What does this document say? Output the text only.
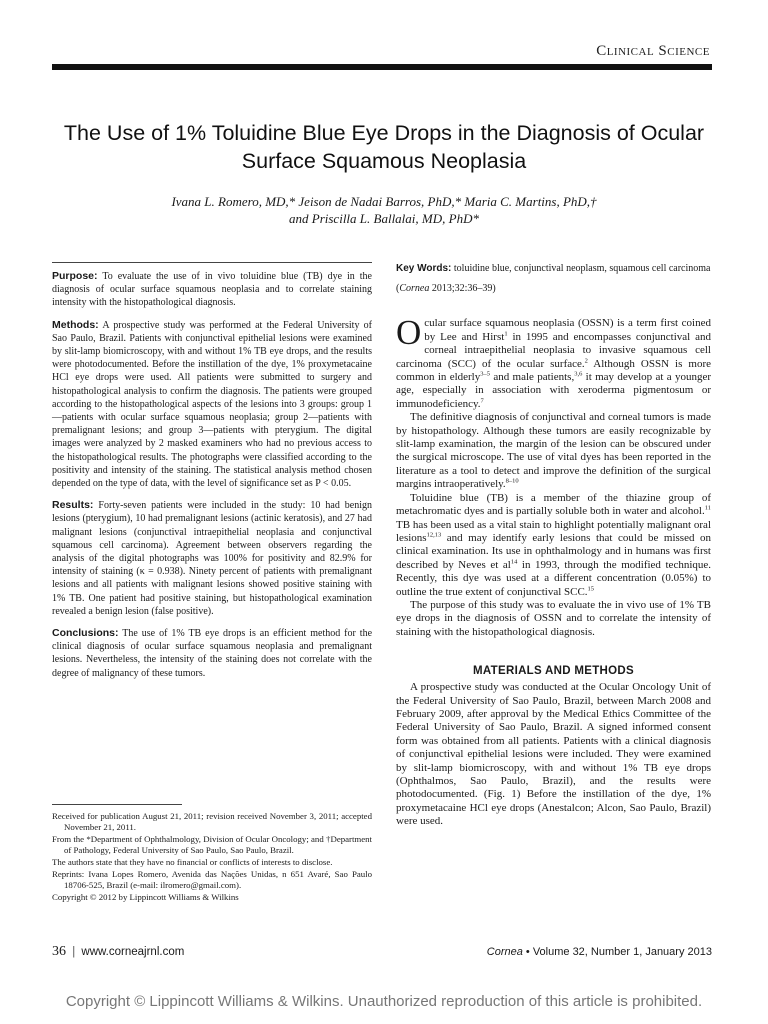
Clinical Science
The Use of 1% Toluidine Blue Eye Drops in the Diagnosis of Ocular Surface Squamous Neoplasia
Ivana L. Romero, MD,* Jeison de Nadai Barros, PhD,* Maria C. Martins, PhD,†
and Priscilla L. Ballalai, MD, PhD*

Purpose: To evaluate the use of in vivo toluidine blue (TB) dye in the diagnosis of ocular surface squamous neoplasia and to correlate staining intensity with the histopathological diagnosis.

Methods: A prospective study was performed at the Federal University of Sao Paulo, Brazil. Patients with conjunctival epithelial lesions were examined by slit-lamp biomicroscopy, with and without 1% TB eye drops, and the results were photodocumented. Before the instillation of the dye, 1% proxymetacaine HCl eye drops were used. All patients were submitted to surgery and histopathological analysis to confirm the diagnosis. The patients were grouped according to the histopathological aspects of the lesions into 3 groups: group 1—patients with ocular surface squamous neoplasia; group 2—patients with premalignant lesions; and group 3—patients with pterygium. The digital images were analyzed by 2 masked examiners who had no previous access to the histopathological results. The photographs were classified according to the positivity and intensity of the staining. The statistical analysis method chosen depended on the type of data, with the level of significance set as P < 0.05.

Results: Forty-seven patients were included in the study: 10 had benign lesions (pterygium), 10 had premalignant lesions (actinic keratosis), and 27 had malignant lesions (conjunctival intraepithelial neoplasia and conjunctival squamous cell carcinoma). Agreement between observers regarding the analysis of the digital photographs was 100% for positivity and 82.9% for intensity of staining (κ = 0.938). Ninety percent of patients with premalignant lesions and all patients with malignant lesions showed positive staining with 1% TB. One patient had positive staining, but histopathological examination revealed a benign lesion (false positive).

Conclusions: The use of 1% TB eye drops is an efficient method for the clinical diagnosis of ocular surface squamous neoplasia and premalignant lesions. Nevertheless, the intensity of the staining does not correlate with the degree of malignancy of these tumors.

Key Words: toluidine blue, conjunctival neoplasm, squamous cell carcinoma

(Cornea 2013;32:36–39)

Ocular surface squamous neoplasia (OSSN) is a term first coined by Lee and Hirst$^1$ in 1995 and encompasses conjunctival and corneal intraepithelial neoplasia to invasive squamous cell carcinoma (SCC) of the ocular surface.$^2$ Although OSSN is more common in elderly$^{3-5}$ and male patients,$^{3,6}$ it may develop at a younger age, especially in association with xeroderma pigmentosum or immunodeficiency.$^7$

The definitive diagnosis of conjunctival and corneal tumors is made by histopathology. Although these tumors are easily recognizable by slit-lamp examination, the margin of the lesion can be obscured under the surgical microscope. The use of vital dyes has been reported in the literature as a tool to detect and improve the definition of the surgical margins intraoperatively.$^{8-10}$

Toluidine blue (TB) is a member of the thiazine group of metachromatic dyes and is partially soluble both in water and alcohol.$^{11}$ TB has been used as a vital stain to highlight potentially malignant oral lesions$^{12,13}$ and may identify early lesions that could be missed on clinical examination. Its use in ophthalmology and in humans was first described by Neves et $al^{14}$ in 1993, through the modified technique. Recently, this dye was used at a different concentration (0.05%) to outline the true extent of conjunctival SCC.$^{15}$

The purpose of this study was to evaluate the in vivo use of 1% TB eye drops in the diagnosis of OSSN and to correlate the intensity of staining with the histopathological diagnosis.

MATERIALS AND METHODS

A prospective study was conducted at the Ocular Oncology Unit of the Federal University of Sao Paulo, Brazil, between March 2008 and February 2009, after approval by the Medical Ethics Committee of the Federal University of Sao Paulo, Brazil. A signed informed consent form was obtained from all patients. Patients with a clinical diagnosis of conjunctival epithelial lesions were included. They were examined by slit-lamp biomicroscopy, with and without 1% TB eye drops (Ophthalmos, Sao Paulo, Brazil), and the results were photodocumented. (Fig. 1) Before the instillation of the dye, 1% proxymetacaine HCl eye drops (Anestalcon; Alcon, Sao Paulo, Brazil) were used.

Received for publication August 21, 2011; revision received November 3, 2011; accepted November 21, 2011.

From the *Department of Ophthalmology, Division of Ocular Oncology; and †Department of Pathology, Federal University of Sao Paulo, Sao Paulo, Brazil.

The authors state that they have no financial or conflicts of interests to disclose.

Reprints: Ivana Lopes Romero, Avenida das Nações Unidas, n 651 Avaré, Sao Paulo 18706-525, Brazil (e-mail: ilromero@gmail.com).

Copyright © 2012 by Lippincott Williams & Wilkins

36 | www.corneajrnl.com	Cornea • Volume 32, Number 1, January 2013
Copyright © Lippincott Williams & Wilkins. Unauthorized reproduction of this article is prohibited.
